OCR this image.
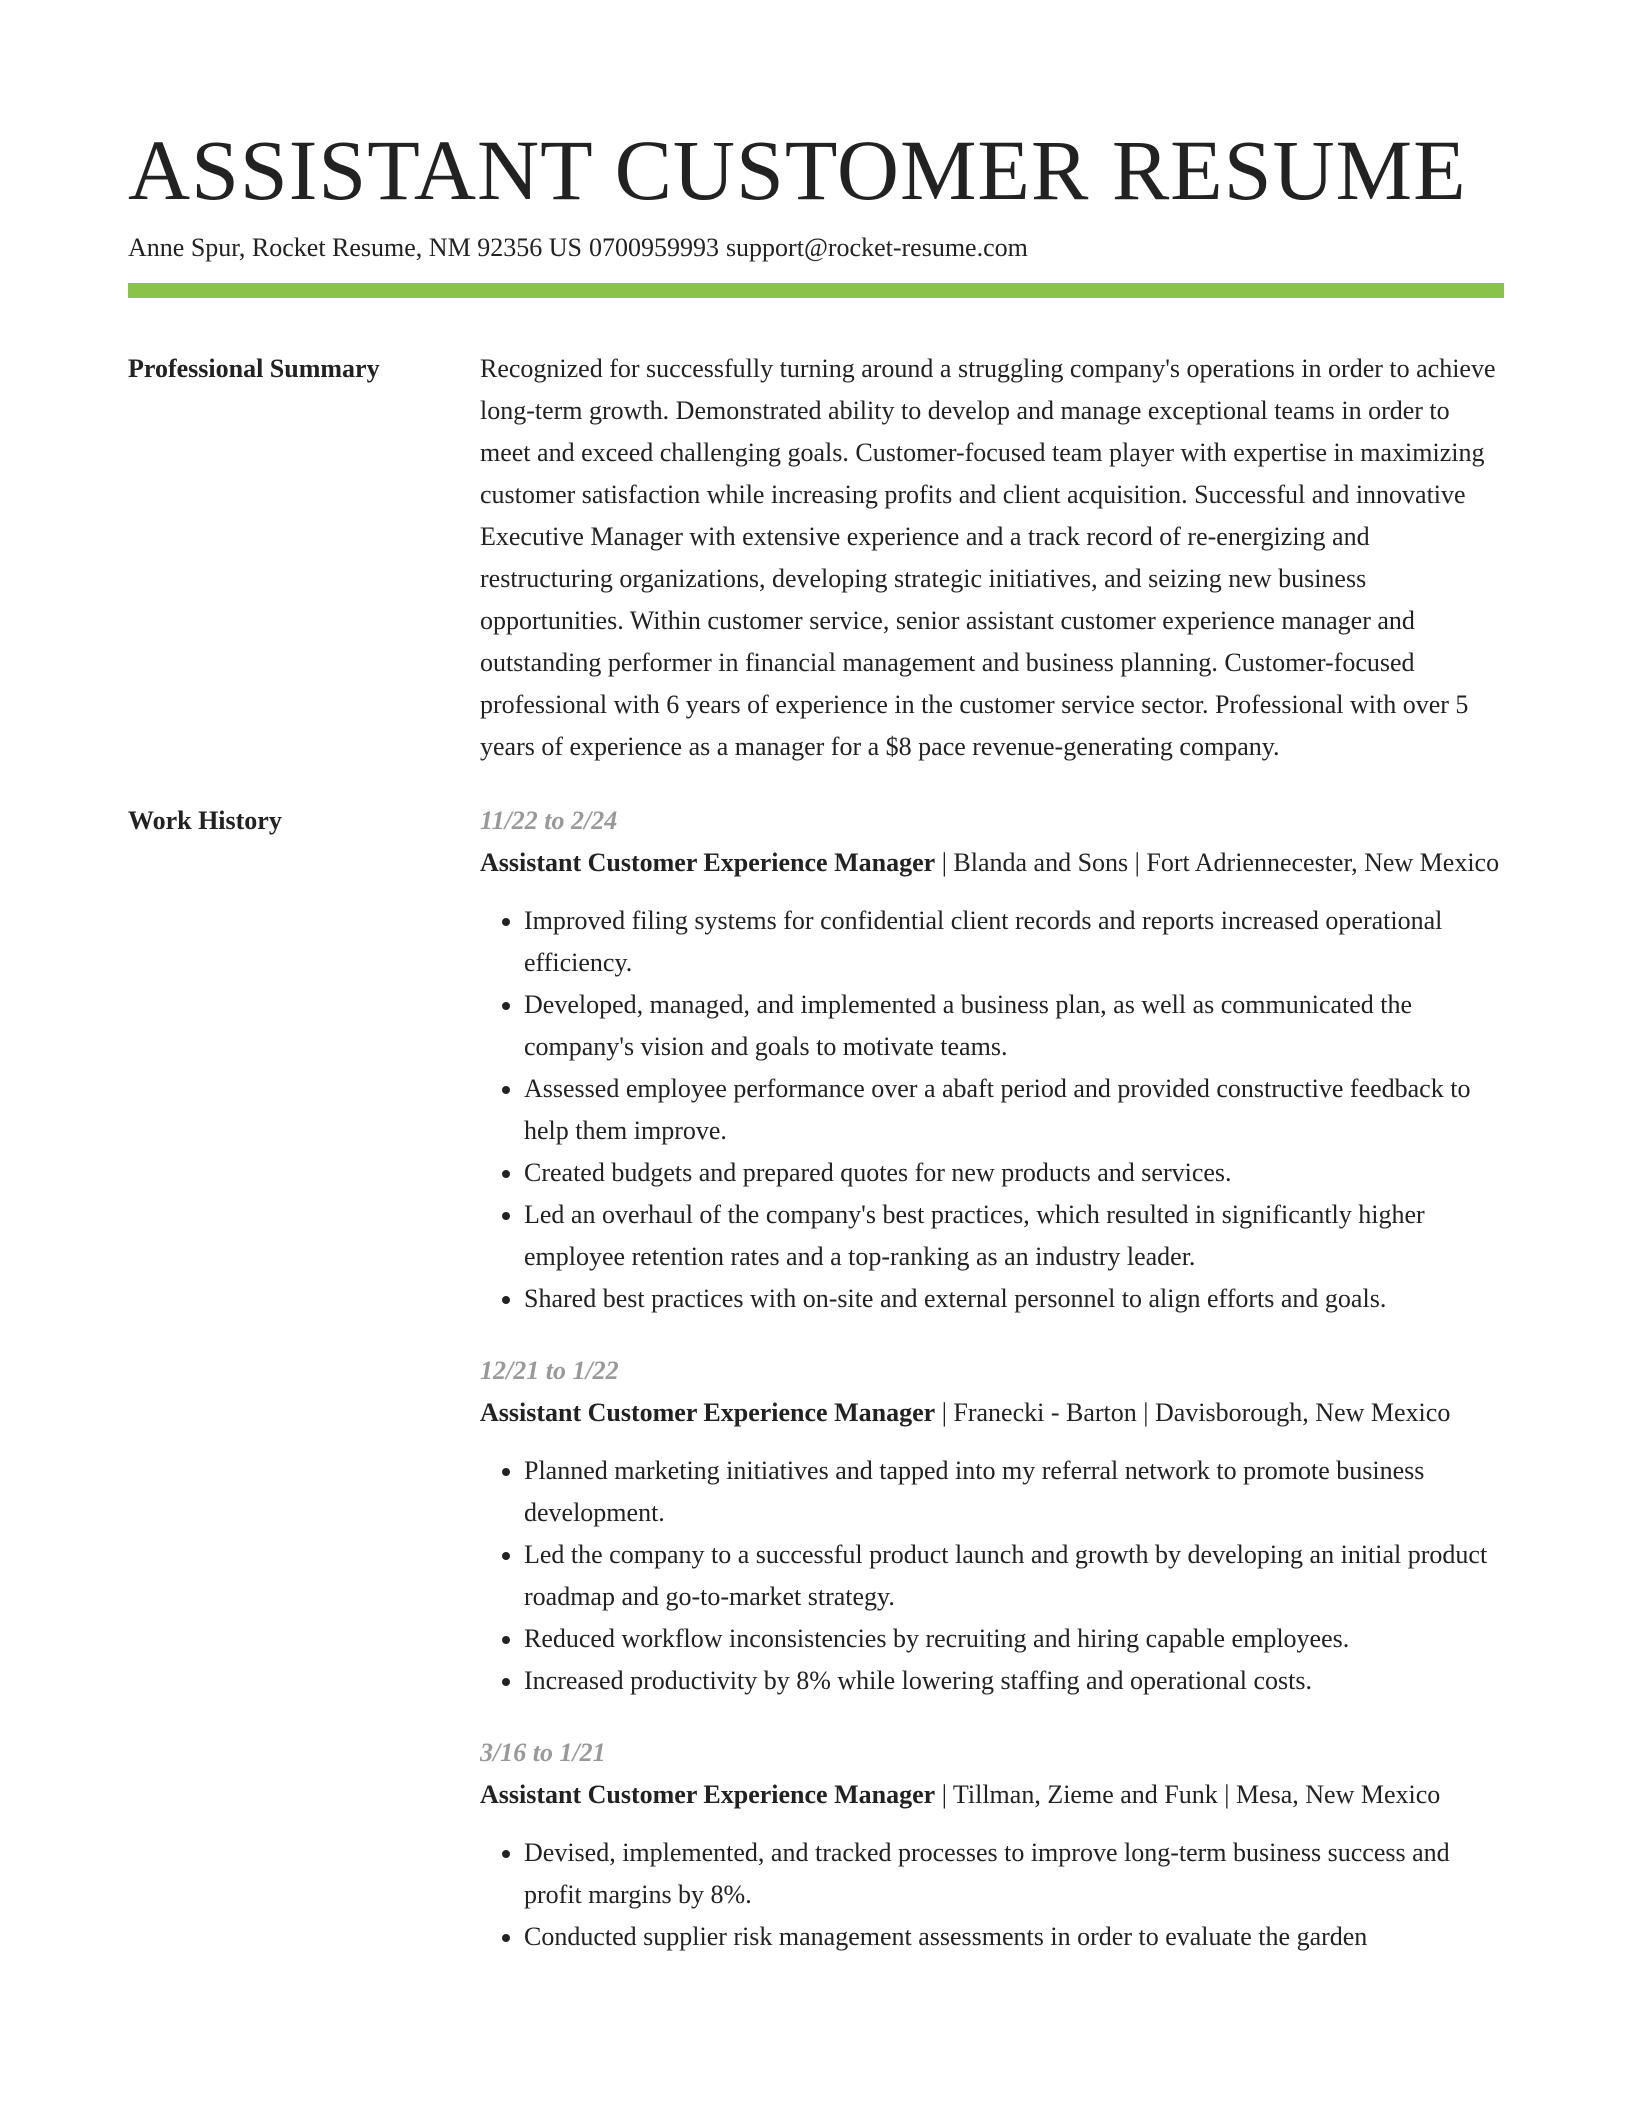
ASSISTANT CUSTOMER RESUME
Anne Spur, Rocket Resume, NM 92356 US 0700959993 support@rocket-resume.com
Professional Summary	Recognized for successfully turning around a struggling company's operations in order to achieve long-term growth. Demonstrated ability to develop and manage exceptional teams in order to meet and exceed challenging goals. Customer-focused team player with expertise in maximizing customer satisfaction while increasing profits and client acquisition. Successful and innovative Executive Manager with extensive experience and a track record of re-energizing and restructuring organizations, developing strategic initiatives, and seizing new business opportunities. Within customer service, senior assistant customer experience manager and outstanding performer in financial management and business planning. Customer-focused professional with 6 years of experience in the customer service sector. Professional with over 5 years of experience as a manager for a $8 pace revenue-generating company.
Work History	11/22 to 2/24
Assistant Customer Experience Manager | Blanda and Sons | Fort Adriennecester, New Mexico
• Improved filing systems for confidential client records and reports increased operational efficiency.
• Developed, managed, and implemented a business plan, as well as communicated the company's vision and goals to motivate teams.
• Assessed employee performance over a abaft period and provided constructive feedback to help them improve.
• Created budgets and prepared quotes for new products and services.
• Led an overhaul of the company's best practices, which resulted in significantly higher employee retention rates and a top-ranking as an industry leader.
• Shared best practices with on-site and external personnel to align efforts and goals.
12/21 to 1/22
Assistant Customer Experience Manager | Franecki - Barton | Davisborough, New Mexico
• Planned marketing initiatives and tapped into my referral network to promote business development.
• Led the company to a successful product launch and growth by developing an initial product roadmap and go-to-market strategy.
• Reduced workflow inconsistencies by recruiting and hiring capable employees.
• Increased productivity by 8% while lowering staffing and operational costs.
3/16 to 1/21
Assistant Customer Experience Manager | Tillman, Zieme and Funk | Mesa, New Mexico
• Devised, implemented, and tracked processes to improve long-term business success and profit margins by 8%.
• Conducted supplier risk management assessments in order to evaluate the garden
